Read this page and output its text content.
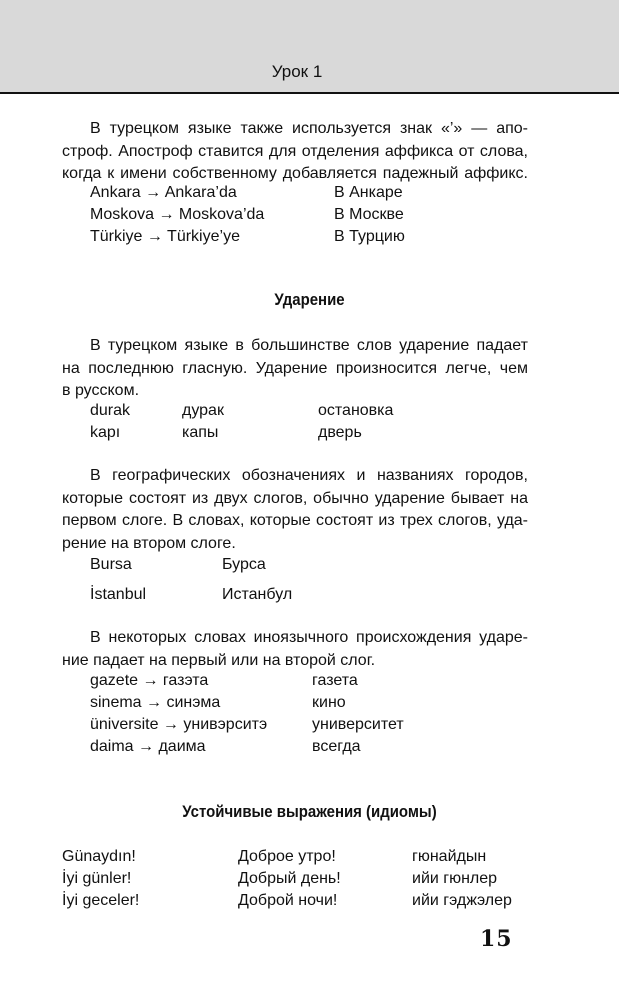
Урок 1
В турецком языке также используется знак «’» — апо-
строф. Апостроф ставится для отделения аффикса от слова,
когда к имени собственному добавляется падежный аффикс.
Ankara → Ankara’da	В Анкаре
Moskova → Moskova’da	В Москве
Türkiye → Türkiye’ye	В Турцию
Ударение
В турецком языке в большинстве слов ударение падает
на последнюю гласную. Ударение произносится легче, чем
в русском.
durak	дурак	остановка
kapı	капы	дверь
В географических обозначениях и названиях городов,
которые состоят из двух слогов, обычно ударение бывает на
первом слоге. В словах, которые состоят из трех слогов, уда-
рение на втором слоге.
Bursa	Бурса
İstanbul	Истанбул
В некоторых словах иноязычного происхождения ударе-
ние падает на первый или на второй слог.
gazete → газэта	газета
sinema → синэма	кино
üniversite → унивэрситэ	университет
daima → даима	всегда
Устойчивые выражения (идиомы)
Günaydın!	Доброе утро!	гюнайдын
İyi günler!	Добрый день!	ийи гюнлер
İyi geceler!	Доброй ночи!	ийи гэджэлер
15
